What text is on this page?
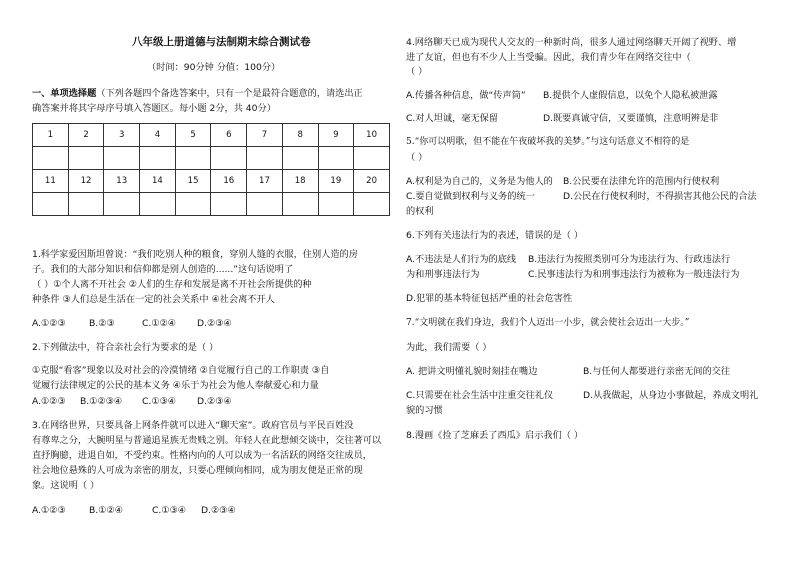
八年级上册道德与法制期末综合测试卷
（时间：90分钟 分值：100分）
一、单项选择题（下列各题四个备选答案中，只有一个是最符合题意的，请选出正
确答案并将其字母序号填入答题区。每小题 2分，共 40分）
1	2	3	4	5	6	7	8	9	10

11	12	13	14	15	16	17	18	19	20

1.科学家爱因斯坦曾说：“我们吃别人种的粮食，穿别人缝的衣服，住别人造的房
子。我们的大部分知识和信仰都是别人创造的......”这句话说明了
（ ）①个人离不开社会 ②人们的生存和发展是离不开社会所提供的种
种条件 ③人们总是生活在一定的社会关系中 ④社会离不开人
A.①②③	B.②③	C.①②④ D.②③④
2.下列做法中，符合亲社会行为要求的是（ ）
①克服“看客”现象以及对社会的冷漠情绪 ②自觉履行自己的工作职责 ③自
觉履行法律规定的公民的基本义务 ④乐于为社会为他人奉献爱心和力量
A.①②③ B.①②③④ C.①③④ D.②③④
3.在网络世界，只要具备上网条件就可以进入“聊天室”。政府官员与平民百姓没
有尊卑之分，大腕明星与普通追星族无贵贱之别。年轻人在此想倾交谈中，交往著可以
直抒胸臆，进退自如，不受约束。性格内向的人可以成为一名活跃的网络交往成员，
社会地位悬殊的人可成为亲密的朋友，只要心理倾向相同，成为朋友便是正常的现
象。这说明（ ）
A.①②③	B.①②④	C.①③④ D.②③④
4.网络聊天已成为现代人交友的一种新时尚，很多人通过网络聊天开阔了视野、增
进了友谊，但也有不少人上当受骗。因此，我们青少年在网络交往中（
（ ）
A.传播各种信息，做“传声筒” B.提供个人虚假信息，以免个人隐私被泄露
C.对人坦诚，毫无保留	D.既要真诚守信，又要谨慎，注意明辨是非
5.“你可以明歌，但不能在午夜破坏我的美梦。”与这句话意义不相符的是
（ ）
A.权利是为自己的，义务是为他人的 B.公民要在法律允许的范围内行使权利
C.要自觉做到权利与义务的统一	D.公民在行使权利时，不得损害其他公民的合法
的权利
6.下列有关违法行为的表述，错误的是（ ）
A.不违法是人们行为的底线 B.违法行为按照类别可分为违法行为、行政违法行
为和刑事违法行为	C.民事违法行为和刑事违法行为被称为一般违法行为
D.犯罪的基本特征包括严重的社会危害性
7.“文明就在我们身边，我们个人迈出一小步，就会使社会迈出一大步。”
为此，我们需要（ ）
A. 把讲文明懂礼貌时刻挂在嘴边	B.与任何人都要进行亲密无间的交往
C.只需要在社会生活中注重交往礼仪	D.从我做起，从身边小事做起，养成文明礼
貌的习惯
8.漫画《捡了芝麻丢了西瓜》启示我们（ ）
